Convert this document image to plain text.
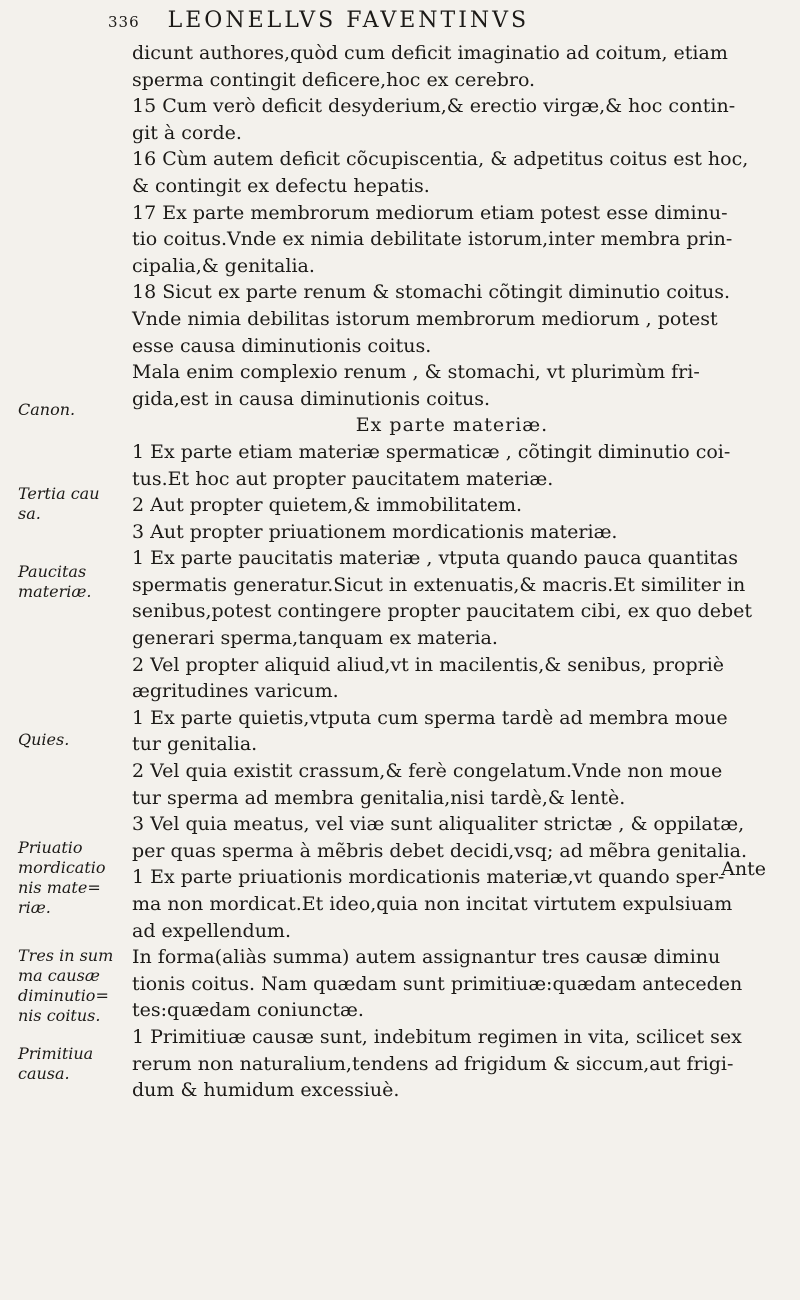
336 LEONELLVS FAVENTINVS
Canon.
Tertia cau
sa.
Paucitas
materiæ.
Quies.
Priuatio
mordicatio
nis mate=
riæ.
Tres in sum
ma causæ
diminutio=
nis coitus.
Primitiua
causa.

dicunt authores,quòd cum deficit imaginatio ad coitum, etiam

sperma contingit deficere,hoc ex cerebro.

15 Cum verò deficit desyderium,& erectio virgæ,& hoc contin-

git à corde.

16 Cùm autem deficit cõcupiscentia, & adpetitus coitus est hoc,

& contingit ex defectu hepatis.

17 Ex parte membrorum mediorum etiam potest esse diminu-

tio coitus.Vnde ex nimia debilitate istorum,inter membra prin-

cipalia,& genitalia.

18 Sicut ex parte renum & stomachi cõtingit diminutio coitus.

Vnde nimia debilitas istorum membrorum mediorum , potest

esse causa diminutionis coitus.

Mala enim complexio renum , & stomachi, vt plurimùm fri-

gida,est in causa diminutionis coitus.

Ex parte materiæ.

1 Ex parte etiam materiæ spermaticæ , cõtingit diminutio coi-

tus.Et hoc aut propter paucitatem materiæ.

2 Aut propter quietem,& immobilitatem.

3 Aut propter priuationem mordicationis materiæ.

1 Ex parte paucitatis materiæ , vtputa quando pauca quantitas

spermatis generatur.Sicut in extenuatis,& macris.Et similiter in

senibus,potest contingere propter paucitatem cibi, ex quo debet

generari sperma,tanquam ex materia.

2 Vel propter aliquid aliud,vt in macilentis,& senibus, propriè

ægritudines varicum.

1 Ex parte quietis,vtputa cum sperma tardè ad membra moue

tur genitalia.

2 Vel quia existit crassum,& ferè congelatum.Vnde non moue

tur sperma ad membra genitalia,nisi tardè,& lentè.

3 Vel quia meatus, vel viæ sunt aliqualiter strictæ , & oppilatæ,

per quas sperma à mẽbris debet decidi,vsq; ad mẽbra genitalia.

1 Ex parte priuationis mordicationis materiæ,vt quando sper-

ma non mordicat.Et ideo,quia non incitat virtutem expulsiuam

ad expellendum.

In forma(aliàs summa) autem assignantur tres causæ diminu

tionis coitus. Nam quædam sunt primitiuæ:quædam anteceden

tes:quædam coniunctæ.

1 Primitiuæ causæ sunt, indebitum regimen in vita, scilicet sex

rerum non naturalium,tendens ad frigidum & siccum,aut frigi-

dum & humidum excessiuè.

Ante
